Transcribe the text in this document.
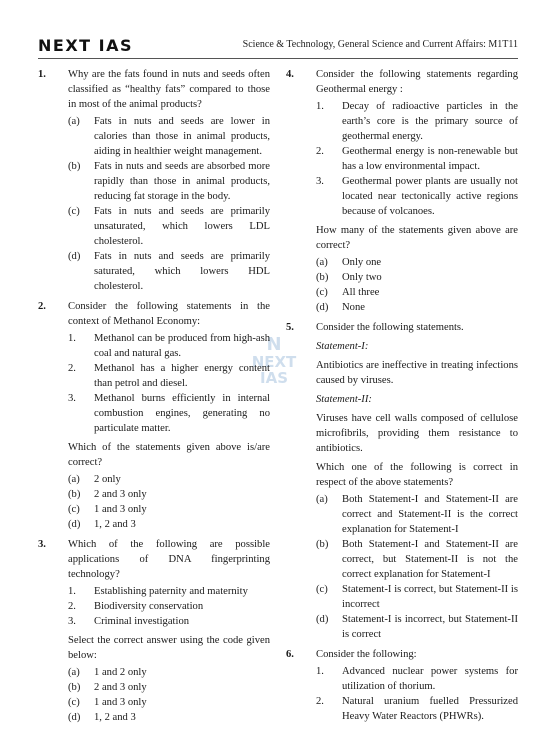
NEXT IAS	Science & Technology, General Science and Current Affairs: M1T11
N
NEXT
IAS
1. Why are the fats found in nuts and seeds often classified as “healthy fats” compared to those in most of the animal products?
(a) Fats in nuts and seeds are lower in calories than those in animal products, aiding in healthier weight management.
(b) Fats in nuts and seeds are absorbed more rapidly than those in animal products, reducing fat storage in the body.
(c) Fats in nuts and seeds are primarily unsaturated, which lowers LDL cholesterol.
(d) Fats in nuts and seeds are primarily saturated, which lowers HDL cholesterol.
2. Consider the following statements in the context of Methanol Economy:
1. Methanol can be produced from high-ash coal and natural gas.
2. Methanol has a higher energy content than petrol and diesel.
3. Methanol burns efficiently in internal combustion engines, generating no particulate matter.
Which of the statements given above is/are correct?
(a) 2 only
(b) 2 and 3 only
(c) 1 and 3 only
(d) 1, 2 and 3
3. Which of the following are possible applications of DNA fingerprinting technology?
1. Establishing paternity and maternity
2. Biodiversity conservation
3. Criminal investigation
Select the correct answer using the code given below:
(a) 1 and 2 only
(b) 2 and 3 only
(c) 1 and 3 only
(d) 1, 2 and 3
4. Consider the following statements regarding Geothermal energy :
1. Decay of radioactive particles in the earth’s core is the primary source of geothermal energy.
2. Geothermal energy is non-renewable but has a low environmental impact.
3. Geothermal power plants are usually not located near tectonically active regions because of volcanoes.
How many of the statements given above are correct?
(a) Only one
(b) Only two
(c) All three
(d) None
5. Consider the following statements.
Statement-I:
Antibiotics are ineffective in treating infections caused by viruses.
Statement-II:
Viruses have cell walls composed of cellulose microfibrils, providing them resistance to antibiotics.
Which one of the following is correct in respect of the above statements?
(a) Both Statement-I and Statement-II are correct and Statement-II is the correct explanation for Statement-I
(b) Both Statement-I and Statement-II are correct, but Statement-II is not the correct explanation for Statement-I
(c) Statement-I is correct, but Statement-II is incorrect
(d) Statement-I is incorrect, but Statement-II is correct
6. Consider the following:
1. Advanced nuclear power systems for utilization of thorium.
2. Natural uranium fuelled Pressurized Heavy Water Reactors (PHWRs).
